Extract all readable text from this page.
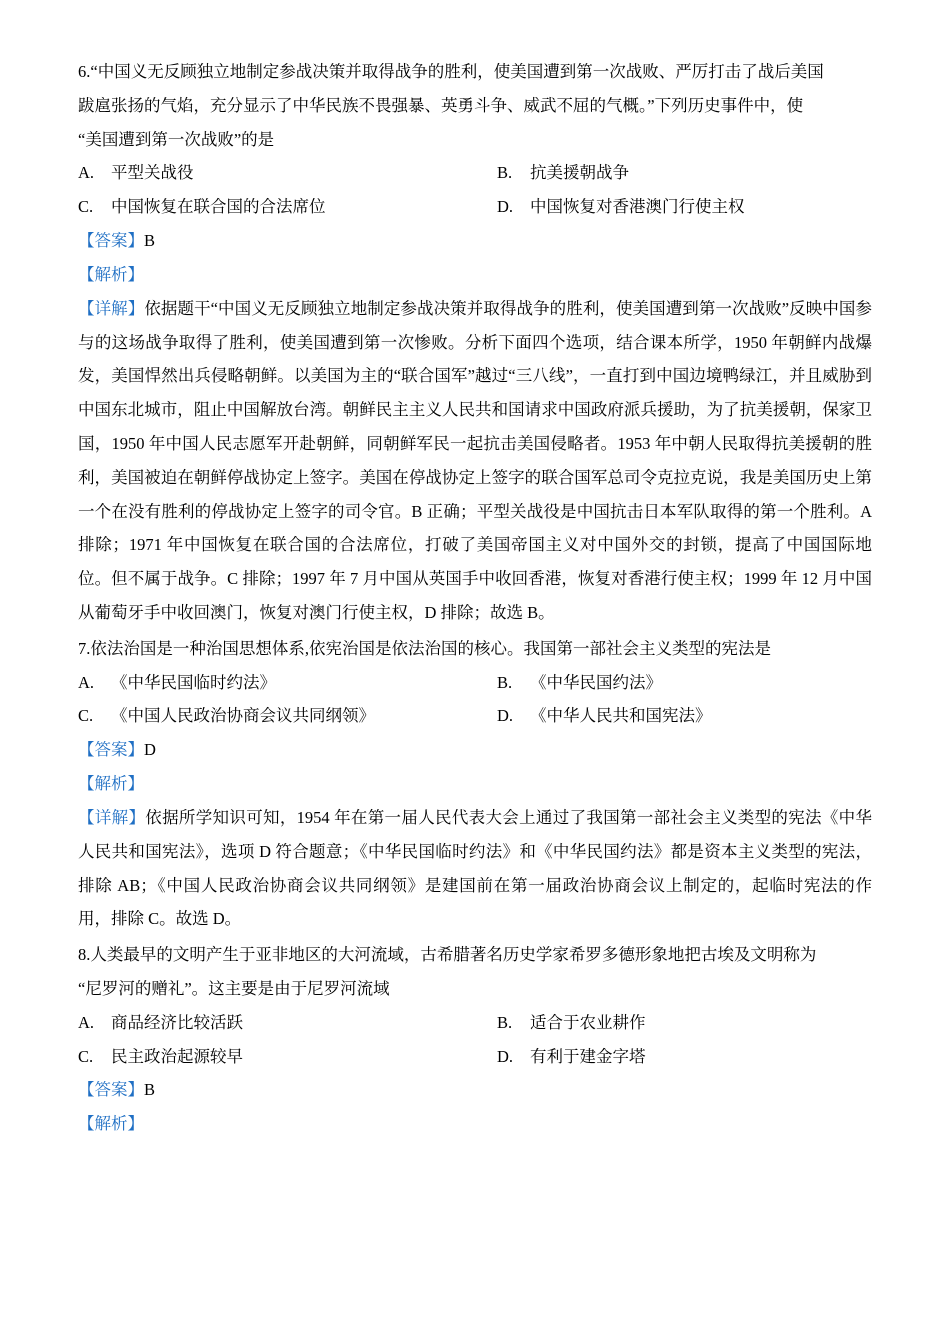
6.“中国义无反顾独立地制定参战决策并取得战争的胜利，使美国遭到第一次战败、严厉打击了战后美国
跋扈张扬的气焰，充分显示了中华民族不畏强暴、英勇斗争、威武不屈的气概。”下列历史事件中，使
“美国遭到第一次战败”的是
A. 平型关战役	B. 抗美援朝战争
C. 中国恢复在联合国的合法席位	D. 中国恢复对香港澳门行使主权
【答案】B
【解析】
【详解】依据题干“中国义无反顾独立地制定参战决策并取得战争的胜利，使美国遭到第一次战败”反映中国参与的这场战争取得了胜利，使美国遭到第一次惨败。分析下面四个选项，结合课本所学，1950 年朝鲜内战爆发，美国悍然出兵侵略朝鲜。以美国为主的“联合国军”越过“三八线”，一直打到中国边境鸭绿江，并且威胁到中国东北城市，阻止中国解放台湾。朝鲜民主主义人民共和国请求中国政府派兵援助，为了抗美援朝，保家卫国，1950 年中国人民志愿军开赴朝鲜，同朝鲜军民一起抗击美国侵略者。1953 年中朝人民取得抗美援朝的胜利，美国被迫在朝鲜停战协定上签字。美国在停战协定上签字的联合国军总司令克拉克说，我是美国历史上第一个在没有胜利的停战协定上签字的司令官。B 正确；平型关战役是中国抗击日本军队取得的第一个胜利。A 排除；1971 年中国恢复在联合国的合法席位，打破了美国帝国主义对中国外交的封锁，提高了中国国际地位。但不属于战争。C 排除；1997 年 7 月中国从英国手中收回香港，恢复对香港行使主权；1999 年 12 月中国从葡萄牙手中收回澳门，恢复对澳门行使主权，D 排除；故选 B。
7.依法治国是一种治国思想体系,依宪治国是依法治国的核心。我国第一部社会主义类型的宪法是
A. 《中华民国临时约法》	B. 《中华民国约法》
C. 《中国人民政治协商会议共同纲领》	D. 《中华人民共和国宪法》
【答案】D
【解析】
【详解】依据所学知识可知，1954 年在第一届人民代表大会上通过了我国第一部社会主义类型的宪法《中华人民共和国宪法》，选项 D 符合题意；《中华民国临时约法》和《中华民国约法》都是资本主义类型的宪法，排除 AB；《中国人民政治协商会议共同纲领》是建国前在第一届政治协商会议上制定的，起临时宪法的作用，排除 C。故选 D。
8.人类最早的文明产生于亚非地区的大河流域，古希腊著名历史学家希罗多德形象地把古埃及文明称为
“尼罗河的赠礼”。这主要是由于尼罗河流域
A. 商品经济比较活跃	B. 适合于农业耕作
C. 民主政治起源较早	D. 有利于建金字塔
【答案】B
【解析】
